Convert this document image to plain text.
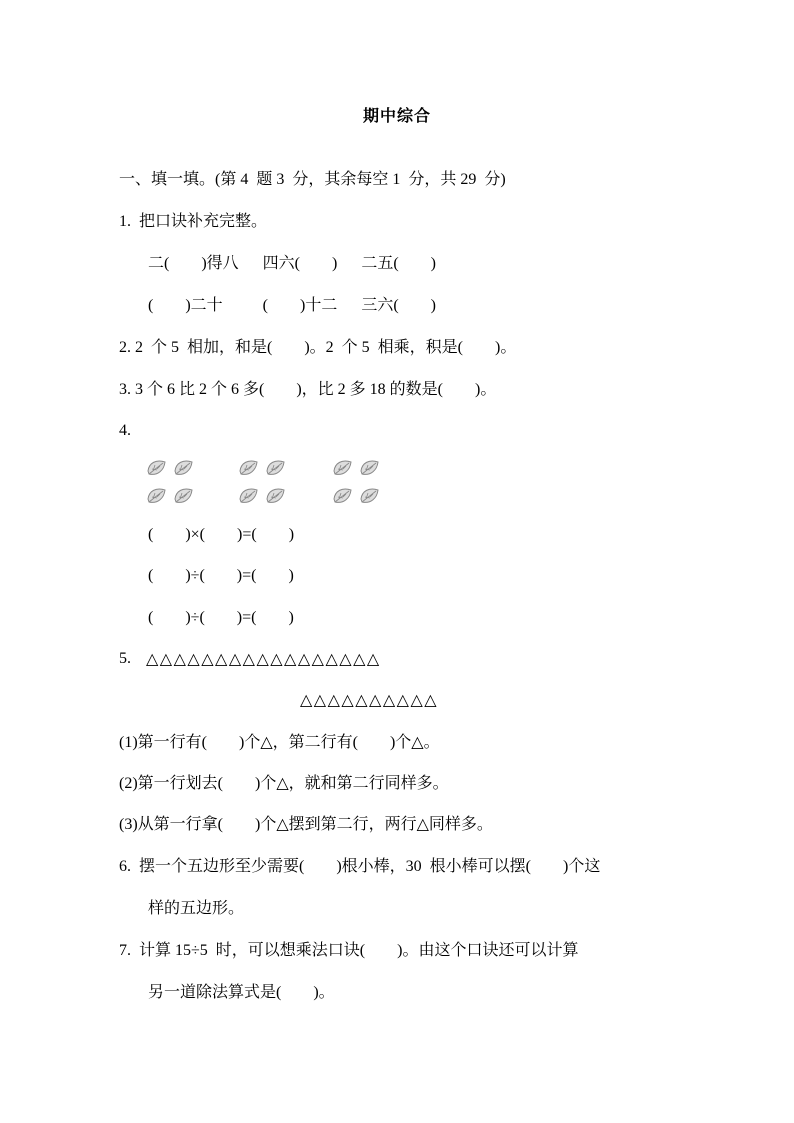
期中综合
一、填一填。(第 4  题 3  分，其余每空 1  分，共 29  分)
1.  把口诀补充完整。
二(        )得八      四六(        )      二五(        )
(        )二十          (        )十二      三六(        )
2. 2  个 5  相加，和是(        )。2  个 5  相乘，积是(        )。
3. 3 个 6 比 2 个 6 多(        )，比 2 多 18 的数是(        )。
4.
(        )×(        )=(        )
(        )÷(        )=(        )
(        )÷(        )=(        )
5. △△△△△△△△△△△△△△△△△
△△△△△△△△△△
(1)第一行有(        )个△，第二行有(        )个△。
(2)第一行划去(        )个△，就和第二行同样多。
(3)从第一行拿(        )个△摆到第二行，两行△同样多。
6.  摆一个五边形至少需要(        )根小棒，30  根小棒可以摆(        )个这
样的五边形。
7.  计算 15÷5  时，可以想乘法口诀(        )。由这个口诀还可以计算
另一道除法算式是(        )。
